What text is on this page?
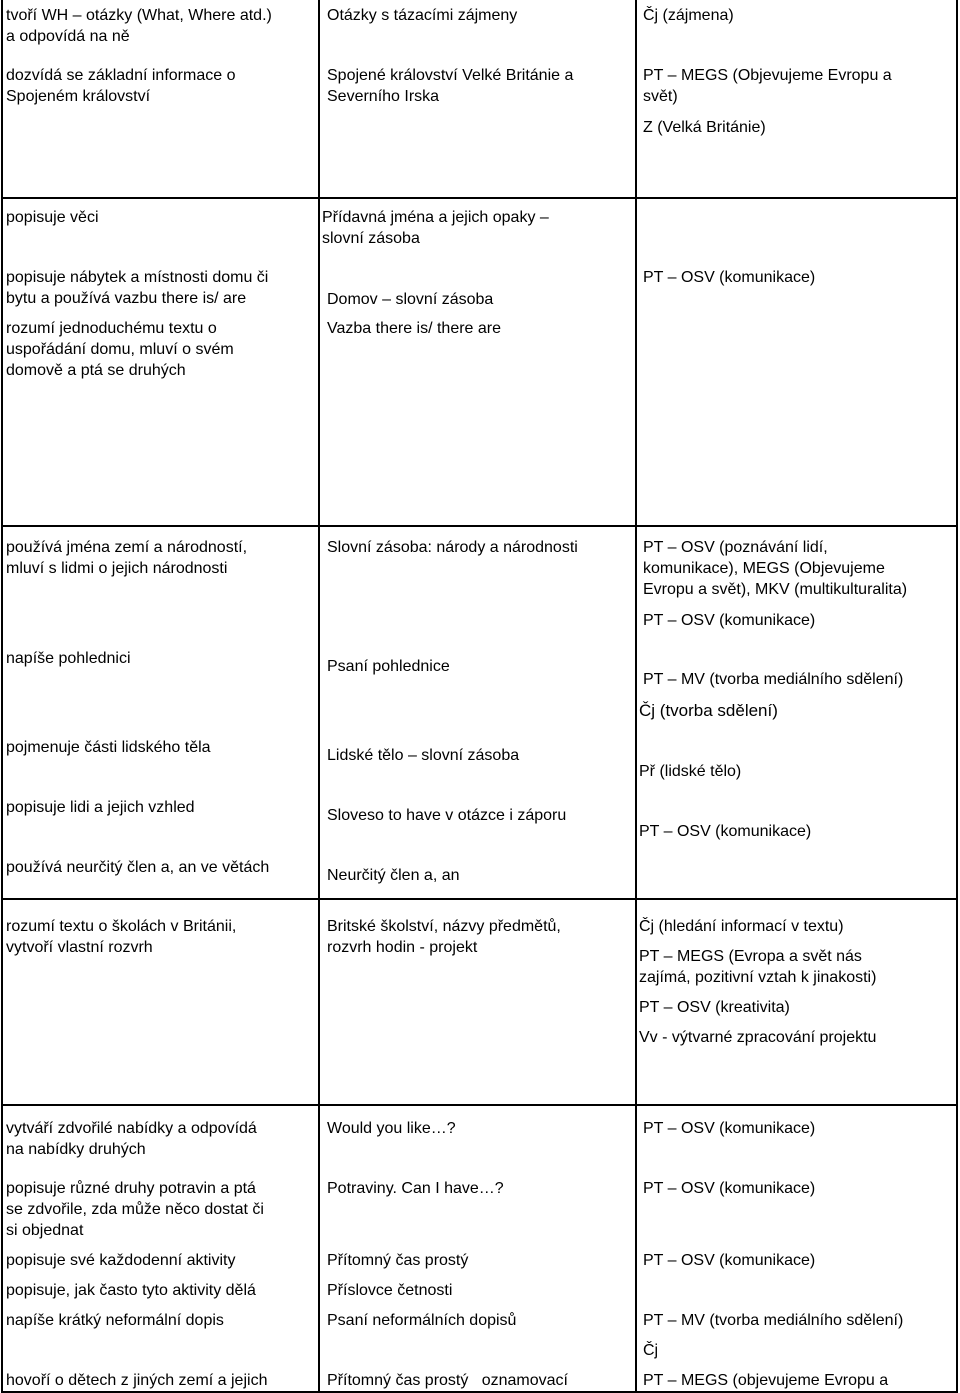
tvoří WH – otázky (What, Where atd.)
a odpovídá na ně

dozvídá se základní informace o
Spojeném království

Otázky s tázacími zájmeny

Spojené království Velké Británie a
Severního Irska

Čj (zájmena)

PT – MEGS (Objevujeme Evropu a
svět)

Z (Velká Británie)

popisuje věci

popisuje nábytek a místnosti domu či
bytu a používá vazbu there is/ are

rozumí jednoduchému textu o
uspořádání domu, mluví o svém
domově a ptá se druhých

Přídavná jména a jejich opaky –
slovní zásoba

Domov – slovní zásoba

Vazba there is/ there are

PT – OSV (komunikace)

používá jména zemí a národností,
mluví s lidmi o jejich národnosti

napíše pohlednici

pojmenuje části lidského těla

popisuje lidi a jejich vzhled

používá neurčitý člen a, an ve větách

Slovní zásoba: národy a národnosti

Psaní pohlednice

Lidské tělo – slovní zásoba

Sloveso to have v otázce i záporu

Neurčitý člen a, an

PT – OSV (poznávání lidí,
komunikace), MEGS (Objevujeme
Evropu a svět), MKV (multikulturalita)

PT – OSV (komunikace)

PT – MV (tvorba mediálního sdělení)

Čj (tvorba sdělení)

Př (lidské tělo)

PT – OSV (komunikace)

rozumí textu o školách v Británii,
vytvoří vlastní rozvrh

Britské školství, názvy předmětů,
rozvrh hodin - projekt

Čj (hledání informací v textu)

PT – MEGS (Evropa a svět nás
zajímá, pozitivní vztah k jinakosti)

PT – OSV (kreativita)

Vv - výtvarné zpracování projektu

vytváří zdvořilé nabídky a odpovídá
na nabídky druhých

popisuje různé druhy potravin a ptá
se zdvořile, zda může něco dostat či
si objednat

popisuje své každodenní aktivity

popisuje, jak často tyto aktivity dělá

napíše krátký neformální dopis

hovoří o dětech z jiných zemí a jejich

Would you like…?

Potraviny. Can I have…?

Přítomný čas prostý

Příslovce četnosti

Psaní neformálních dopisů

Přítomný čas prostý   oznamovací

PT – OSV (komunikace)

PT – OSV (komunikace)

PT – OSV (komunikace)

PT – MV (tvorba mediálního sdělení)

Čj

PT – MEGS (objevujeme Evropu a
